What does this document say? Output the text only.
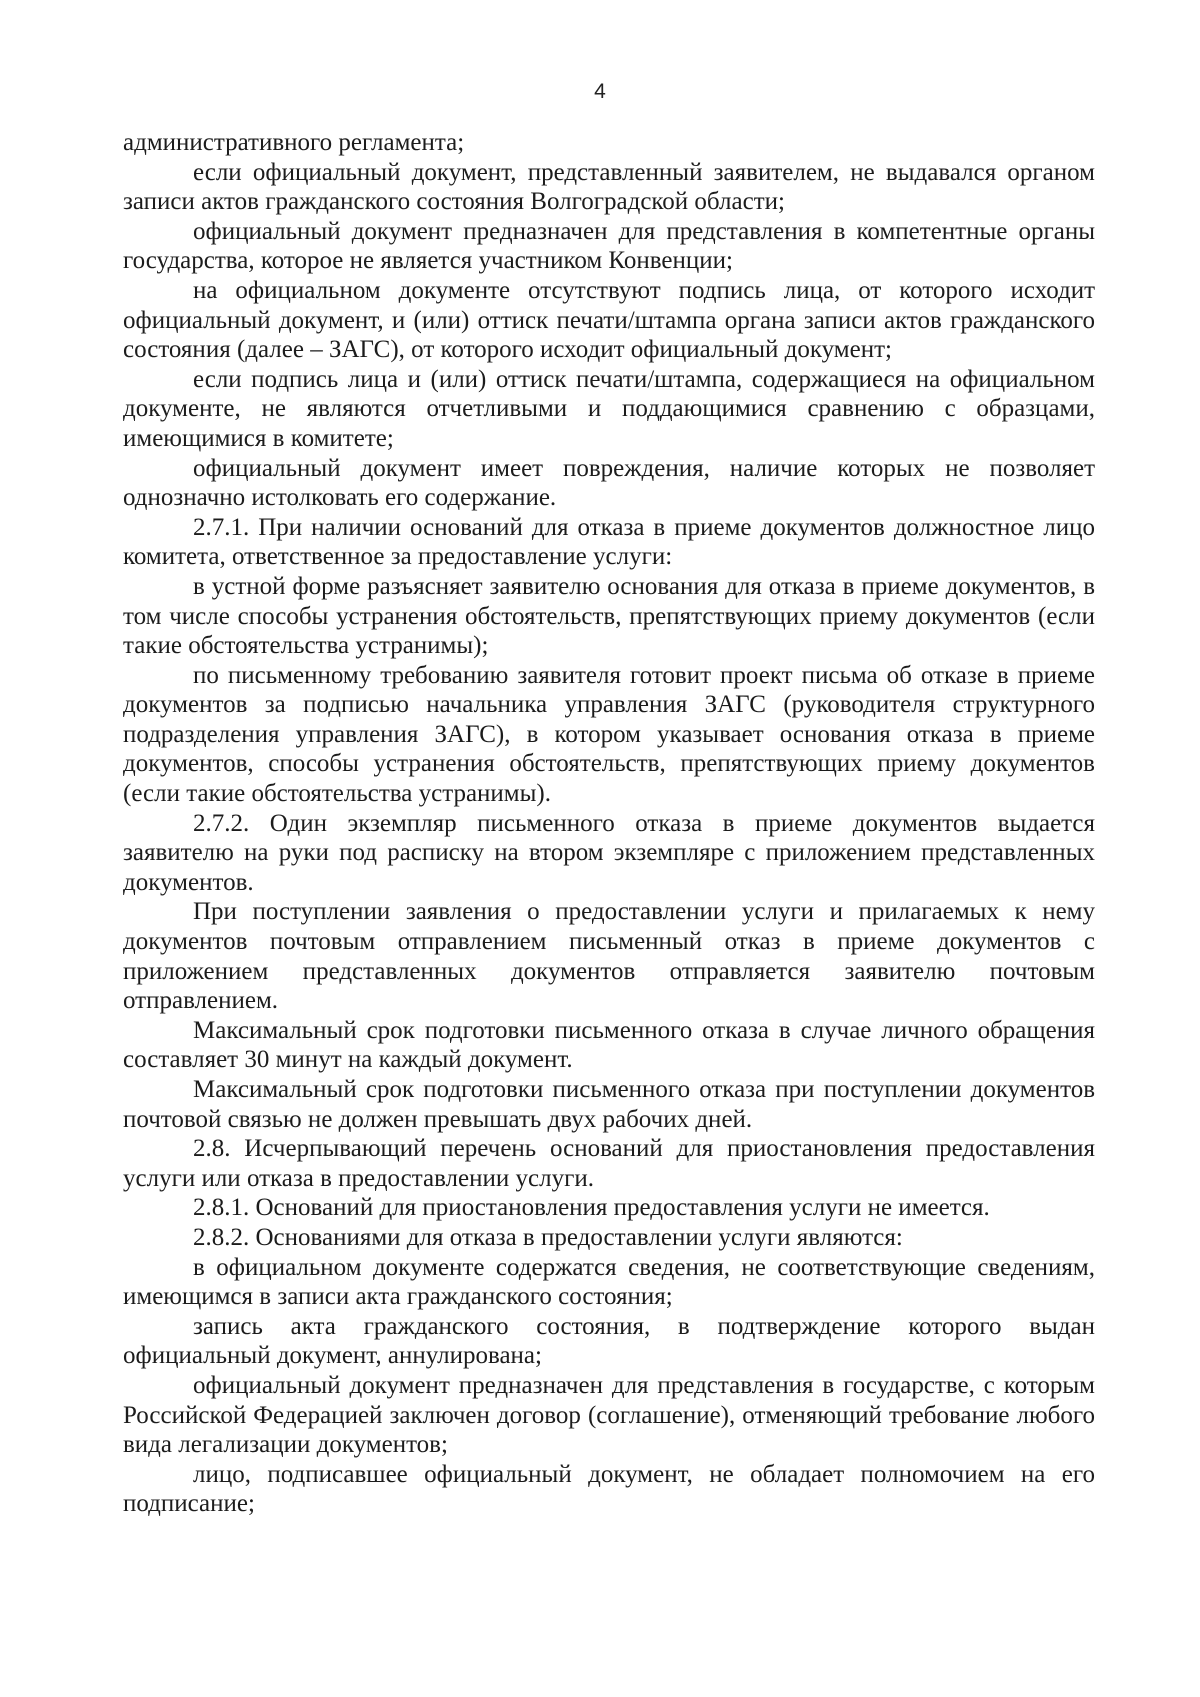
4

административного регламента;

если официальный документ, представленный заявителем, не выдавался органом записи актов гражданского состояния Волгоградской области;

официальный документ предназначен для представления в компетентные органы государства, которое не является участником Конвенции;

на официальном документе отсутствуют подпись лица, от которого исходит официальный документ, и (или) оттиск печати/штампа органа записи актов гражданского состояния (далее – ЗАГС), от которого исходит официальный документ;

если подпись лица и (или) оттиск печати/штампа, содержащиеся на официальном документе, не являются отчетливыми и поддающимися сравнению с образцами, имеющимися в комитете;

официальный документ имеет повреждения, наличие которых не позволяет однозначно истолковать его содержание.

2.7.1. При наличии оснований для отказа в приеме документов должностное лицо комитета, ответственное за предоставление услуги:

в устной форме разъясняет заявителю основания для отказа в приеме документов, в том числе способы устранения обстоятельств, препятствующих приему документов (если такие обстоятельства устранимы);

по письменному требованию заявителя готовит проект письма об отказе в приеме документов за подписью начальника управления ЗАГС (руководителя структурного подразделения управления ЗАГС), в котором указывает основания отказа в приеме документов, способы устранения обстоятельств, препятствующих приему документов (если такие обстоятельства устранимы).

2.7.2. Один экземпляр письменного отказа в приеме документов выдается заявителю на руки под расписку на втором экземпляре с приложением представленных документов.

При поступлении заявления о предоставлении услуги и прилагаемых к нему документов почтовым отправлением письменный отказ в приеме документов с приложением представленных документов отправляется заявителю почтовым отправлением.

Максимальный срок подготовки письменного отказа в случае личного обращения составляет 30 минут на каждый документ.

Максимальный срок подготовки письменного отказа при поступлении документов почтовой связью не должен превышать двух рабочих дней.

2.8. Исчерпывающий перечень оснований для приостановления предоставления услуги или отказа в предоставлении услуги.

2.8.1. Оснований для приостановления предоставления услуги не имеется.

2.8.2. Основаниями для отказа в предоставлении услуги являются:

в официальном документе содержатся сведения, не соответствующие сведениям, имеющимся в записи акта гражданского состояния;

запись акта гражданского состояния, в подтверждение которого выдан официальный документ, аннулирована;

официальный документ предназначен для представления в государстве, с которым Российской Федерацией заключен договор (соглашение), отменяющий требование любого вида легализации документов;

лицо, подписавшее официальный документ, не обладает полномочием на его подписание;
